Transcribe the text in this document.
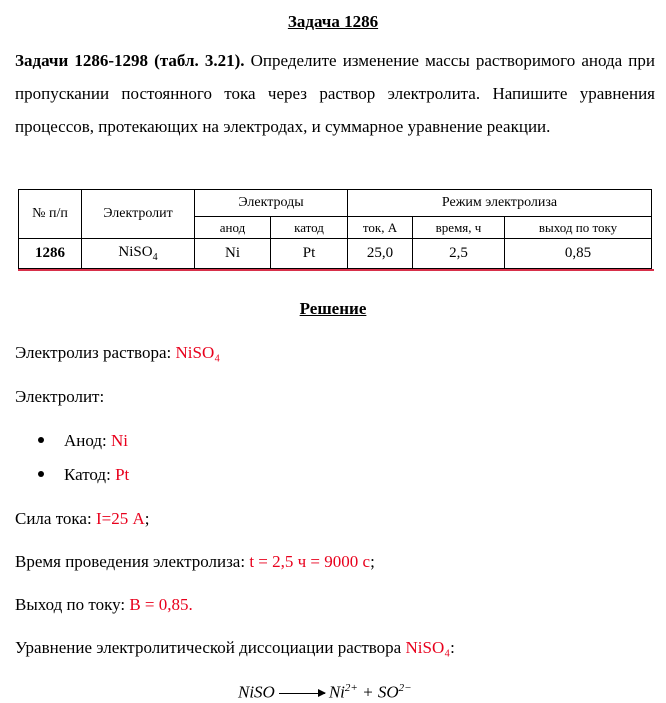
Задача 1286
Задачи 1286-1298 (табл. 3.21). Определите изменение массы растворимого анода при пропускании постоянного тока через раствор электролита. Напишите уравнения процессов, протекающих на электродах, и суммарное уравнение реакции.
№ п/п	Электролит	Электроды		Режим электролиза		
		анод	катод	ток, А	время, ч	выход по току
1286	NiSO$_4$	Ni	Pt	25,0	2,5	0,85
Решение
Электролиз раствора: NiSO₄
Электролит:
Анод: Ni
Катод: Pt
Сила тока: I=25 А;
Время проведения электролиза: t = 2,5 ч = 9000 с;
Выход по току: В = 0,85.
Уравнение электролитической диссоциации раствора NiSO₄:
NiSO → $Ni^{2+} + SO^{2-}$
